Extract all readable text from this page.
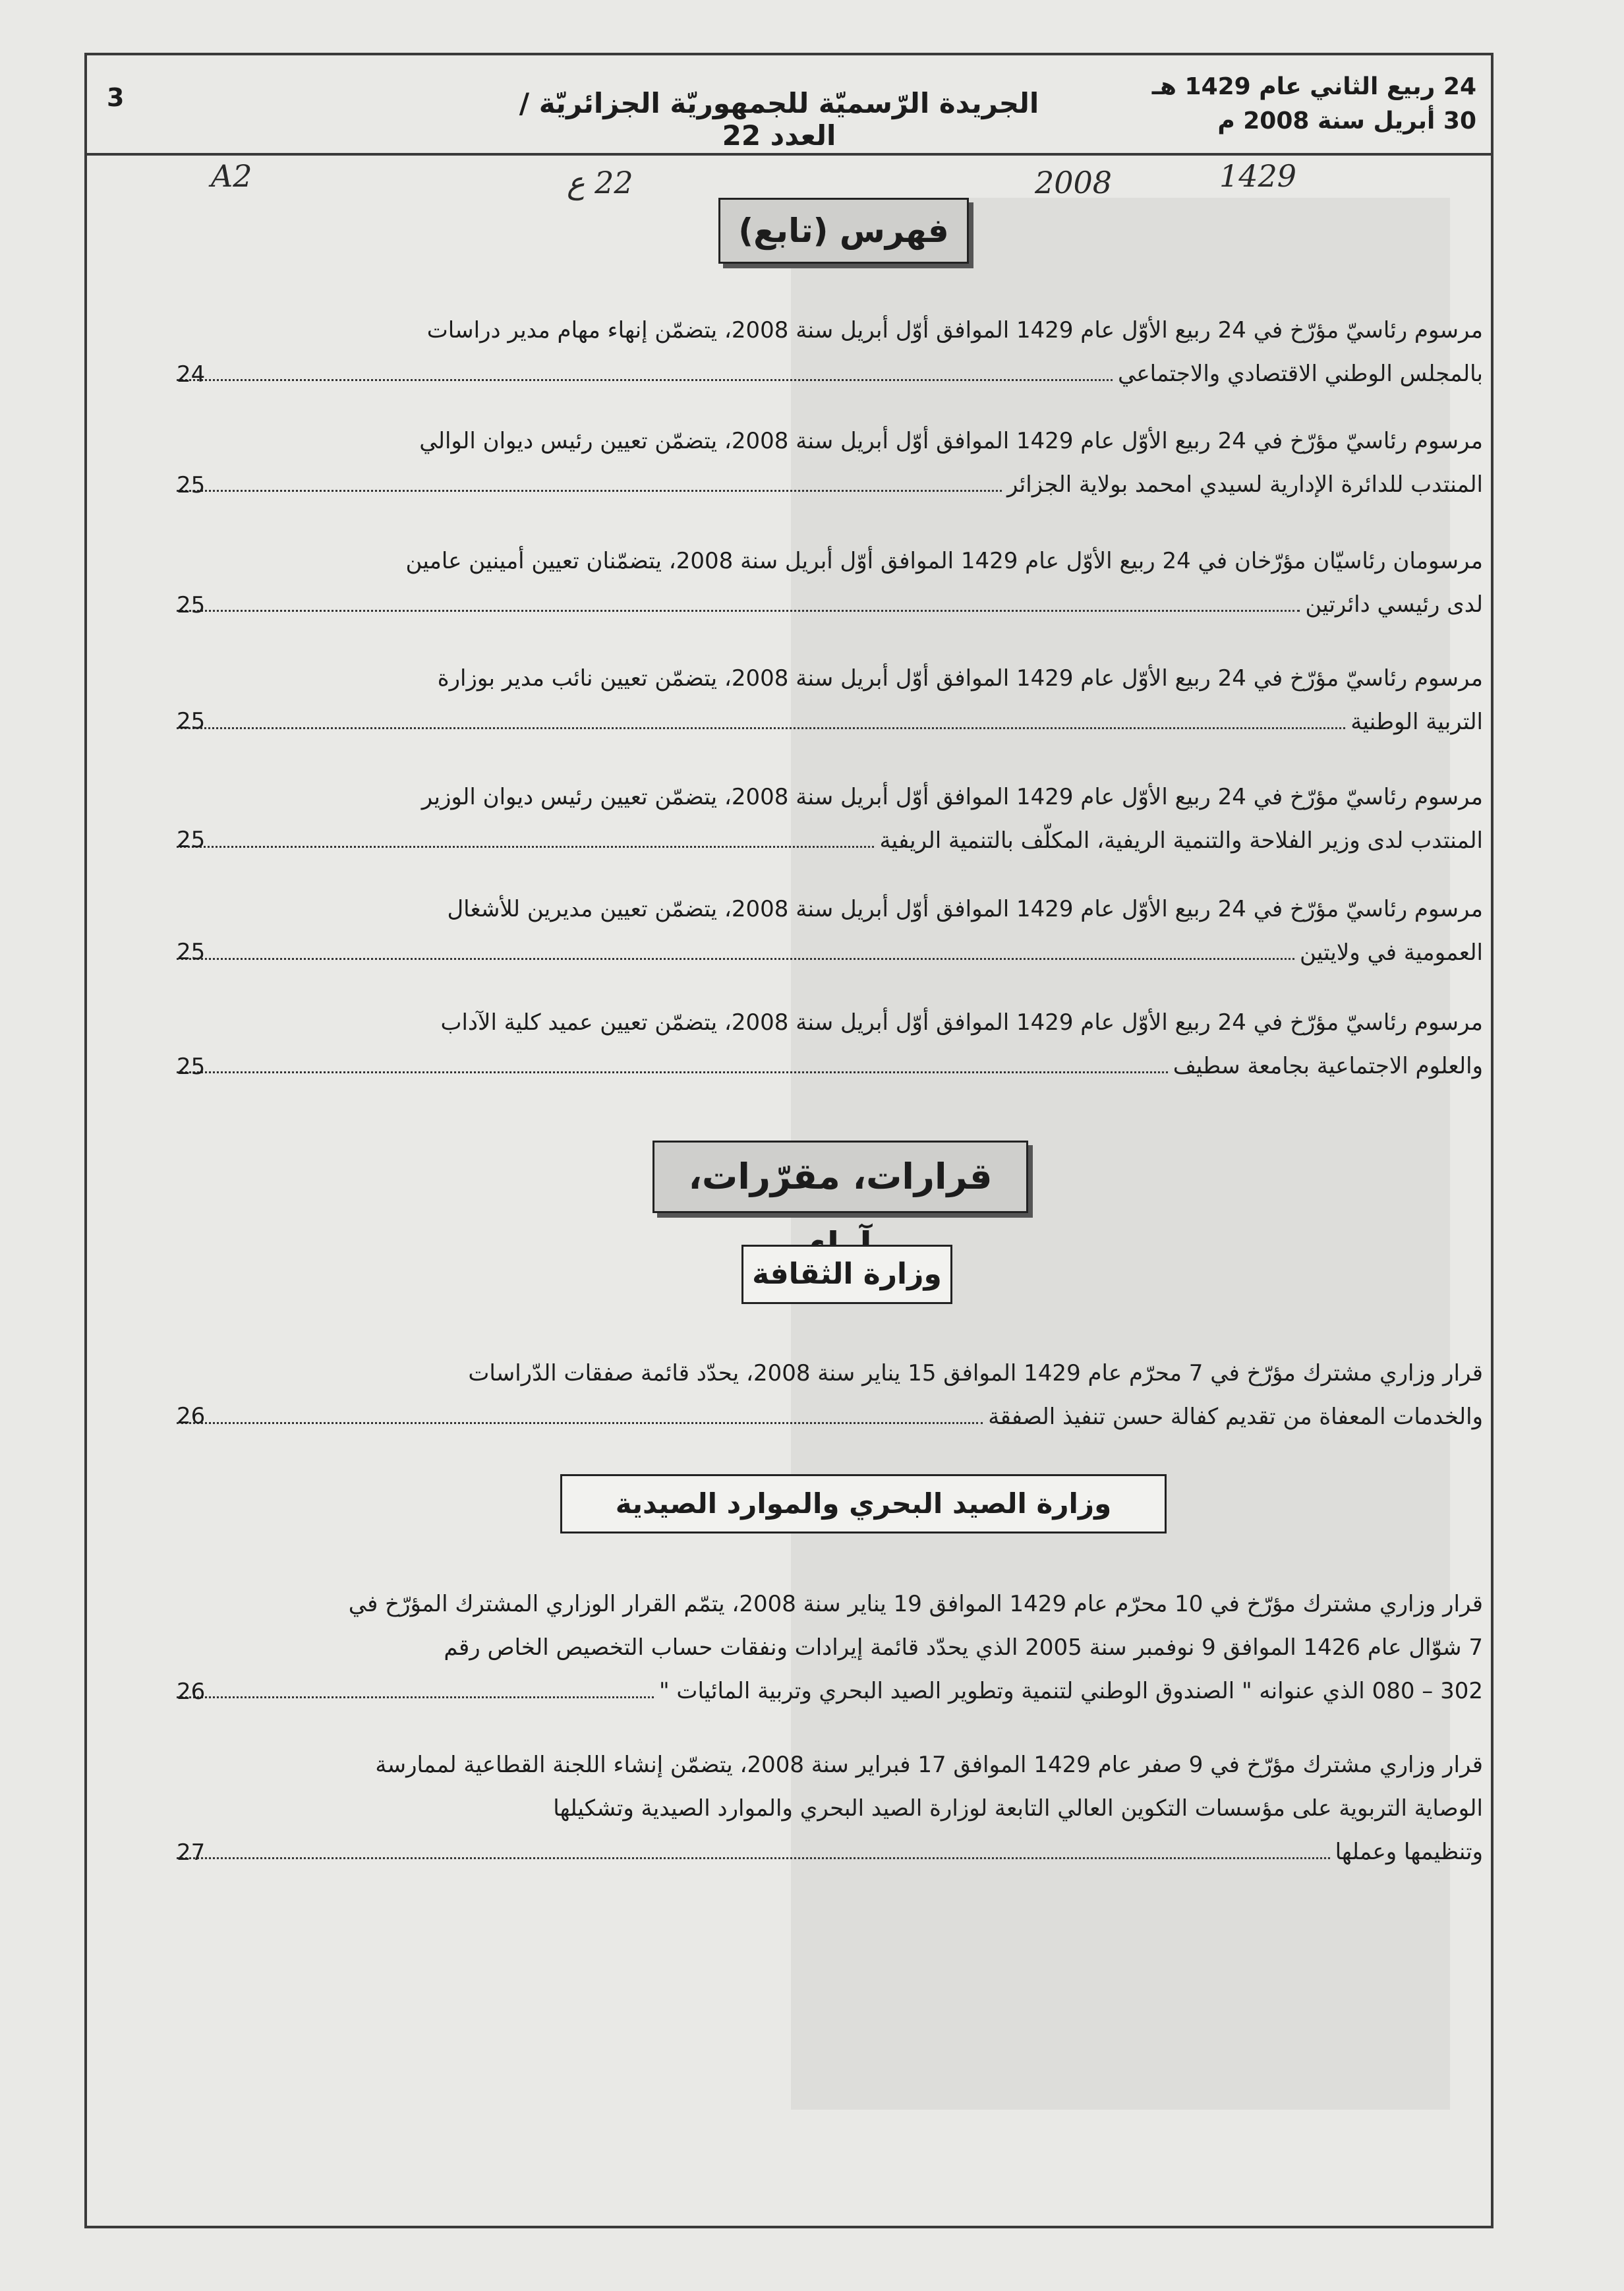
24 ربيع الثاني عام 1429 هـ
30 أبريل سنة 2008 م
الجريدة الرّسميّة للجمهوريّة الجزائريّة / العدد 22
3
1429
2008
22 ع
A2
فهرس (تابع)
مرسوم رئاسيّ مؤرّخ في 24 ربيع الأوّل عام 1429 الموافق أوّل أبريل سنة 2008، يتضمّن إنهاء مهام مدير دراسات
بالمجلس الوطني الاقتصادي والاجتماعي
24
مرسوم رئاسيّ مؤرّخ في 24 ربيع الأوّل عام 1429 الموافق أوّل أبريل سنة 2008، يتضمّن تعيين رئيس ديوان الوالي
المنتدب للدائرة الإدارية لسيدي امحمد بولاية الجزائر
25
مرسومان رئاسيّان مؤرّخان في 24 ربيع الأوّل عام 1429 الموافق أوّل أبريل سنة 2008، يتضمّنان تعيين أمينين عامين
لدى رئيسي دائرتين
25
مرسوم رئاسيّ مؤرّخ في 24 ربيع الأوّل عام 1429 الموافق أوّل أبريل سنة 2008، يتضمّن تعيين نائب مدير بوزارة
التربية الوطنية
25
مرسوم رئاسيّ مؤرّخ في 24 ربيع الأوّل عام 1429 الموافق أوّل أبريل سنة 2008، يتضمّن تعيين رئيس ديوان الوزير
المنتدب لدى وزير الفلاحة والتنمية الريفية، المكلّف بالتنمية الريفية
25
مرسوم رئاسيّ مؤرّخ في 24 ربيع الأوّل عام 1429 الموافق أوّل أبريل سنة 2008، يتضمّن تعيين مديرين للأشغال
العمومية في ولايتين
25
مرسوم رئاسيّ مؤرّخ في 24 ربيع الأوّل عام 1429 الموافق أوّل أبريل سنة 2008، يتضمّن تعيين عميد كلية الآداب
والعلوم الاجتماعية بجامعة سطيف
25
قرارات، مقرّرات،
وزارة الثقافة
قرار وزاري مشترك مؤرّخ في 7 محرّم عام 1429 الموافق 15 يناير سنة 2008، يحدّد قائمة صفقات الدّراسات
والخدمات المعفاة من تقديم كفالة حسن تنفيذ الصفقة
26
وزارة الصيد البحري والموارد الصيدية
قرار وزاري مشترك مؤرّخ في 10 محرّم عام 1429 الموافق 19 يناير سنة 2008، يتمّم القرار الوزاري المشترك المؤرّخ في
7 شوّال عام 1426 الموافق 9 نوفمبر سنة 2005 الذي يحدّد قائمة إيرادات ونفقات حساب التخصيص الخاص رقم
302 – 080 الذي عنوانه " الصندوق الوطني لتنمية وتطوير الصيد البحري وتربية المائيات "
26
قرار وزاري مشترك مؤرّخ في 9 صفر عام 1429 الموافق 17 فبراير سنة 2008، يتضمّن إنشاء اللجنة القطاعية لممارسة
الوصاية التربوية على مؤسسات التكوين العالي التابعة لوزارة الصيد البحري والموارد الصيدية وتشكيلها
وتنظيمها وعملها
27
